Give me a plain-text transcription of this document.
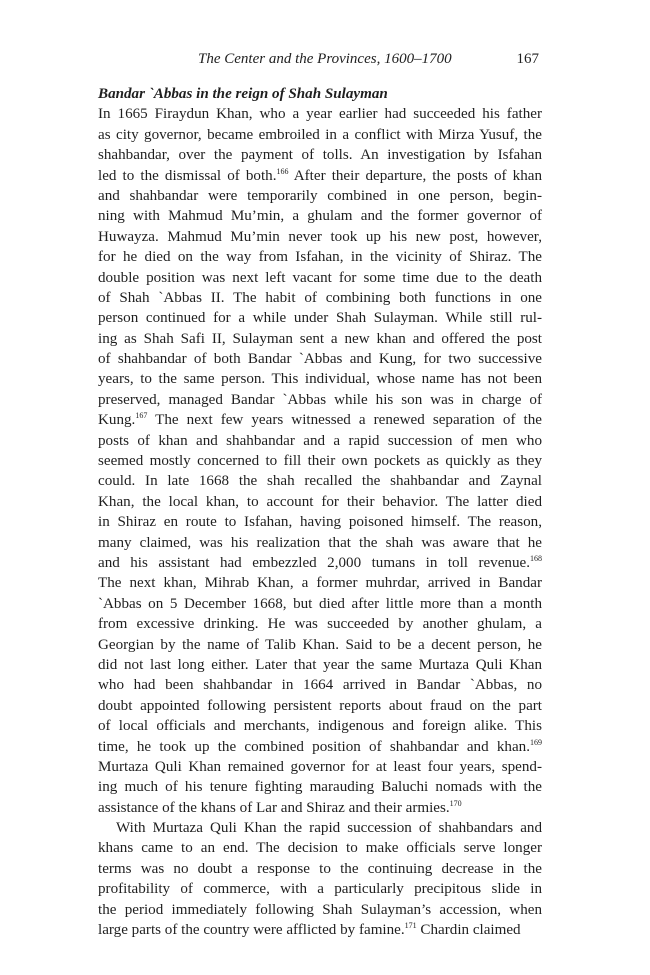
The Center and the Provinces, 1600–1700	167
Bandar `Abbas in the reign of Shah Sulayman
In 1665 Firaydun Khan, who a year earlier had succeeded his father
as city governor, became embroiled in a conflict with Mirza Yusuf, the
shahbandar, over the payment of tolls. An investigation by Isfahan
led to the dismissal of both.$^{166}$ After their departure, the posts of khan
and shahbandar were temporarily combined in one person, begin-
ning with Mahmud Mu’min, a ghulam and the former governor of
Huwayza. Mahmud Mu’min never took up his new post, however,
for he died on the way from Isfahan, in the vicinity of Shiraz. The
double position was next left vacant for some time due to the death
of Shah `Abbas II. The habit of combining both functions in one
person continued for a while under Shah Sulayman. While still rul-
ing as Shah Safi II, Sulayman sent a new khan and offered the post
of shahbandar of both Bandar `Abbas and Kung, for two successive
years, to the same person. This individual, whose name has not been
preserved, managed Bandar `Abbas while his son was in charge of
Kung.$^{167}$ The next few years witnessed a renewed separation of the
posts of khan and shahbandar and a rapid succession of men who
seemed mostly concerned to fill their own pockets as quickly as they
could. In late 1668 the shah recalled the shahbandar and Zaynal
Khan, the local khan, to account for their behavior. The latter died
in Shiraz en route to Isfahan, having poisoned himself. The reason,
many claimed, was his realization that the shah was aware that he
and his assistant had embezzled 2,000 tumans in toll revenue.$^{168}$
The next khan, Mihrab Khan, a former muhrdar, arrived in Bandar
`Abbas on 5 December 1668, but died after little more than a month
from excessive drinking. He was succeeded by another ghulam, a
Georgian by the name of Talib Khan. Said to be a decent person, he
did not last long either. Later that year the same Murtaza Quli Khan
who had been shahbandar in 1664 arrived in Bandar `Abbas, no
doubt appointed following persistent reports about fraud on the part
of local officials and merchants, indigenous and foreign alike. This
time, he took up the combined position of shahbandar and khan.$^{169}$
Murtaza Quli Khan remained governor for at least four years, spend-
ing much of his tenure fighting marauding Baluchi nomads with the
assistance of the khans of Lar and Shiraz and their armies.$^{170}$
With Murtaza Quli Khan the rapid succession of shahbandars and
khans came to an end. The decision to make officials serve longer
terms was no doubt a response to the continuing decrease in the
profitability of commerce, with a particularly precipitous slide in
the period immediately following Shah Sulayman’s accession, when
large parts of the country were afflicted by famine.$^{171}$ Chardin claimed
